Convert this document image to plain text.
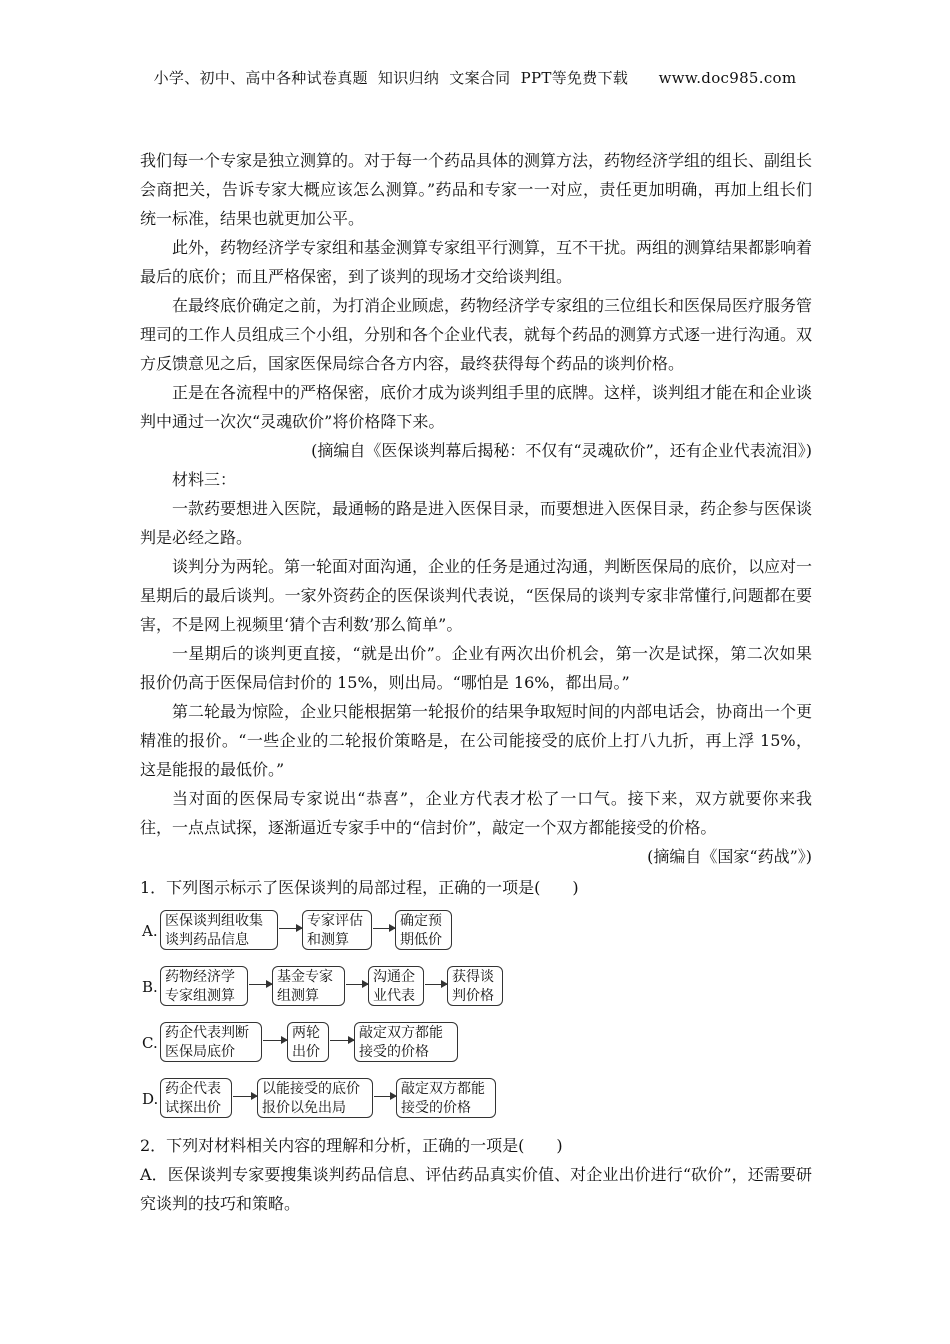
小学、初中、高中各种试卷真题  知识归纳  文案合同  PPT等免费下载      www.doc985.com

我们每一个专家是独立测算的。对于每一个药品具体的测算方法，药物经济学组的组长、副组长会商把关，告诉专家大概应该怎么测算。”药品和专家一一对应，责任更加明确，再加上组长们统一标准，结果也就更加公平。

此外，药物经济学专家组和基金测算专家组平行测算，互不干扰。两组的测算结果都影响着最后的底价；而且严格保密，到了谈判的现场才交给谈判组。

在最终底价确定之前，为打消企业顾虑，药物经济学专家组的三位组长和医保局医疗服务管理司的工作人员组成三个小组，分别和各个企业代表，就每个药品的测算方式逐一进行沟通。双方反馈意见之后，国家医保局综合各方内容，最终获得每个药品的谈判价格。

正是在各流程中的严格保密，底价才成为谈判组手里的底牌。这样，谈判组才能在和企业谈判中通过一次次“灵魂砍价”将价格降下来。

(摘编自《医保谈判幕后揭秘：不仅有“灵魂砍价”，还有企业代表流泪》)

材料三：

一款药要想进入医院，最通畅的路是进入医保目录，而要想进入医保目录，药企参与医保谈判是必经之路。

谈判分为两轮。第一轮面对面沟通，企业的任务是通过沟通，判断医保局的底价，以应对一星期后的最后谈判。一家外资药企的医保谈判代表说，“医保局的谈判专家非常懂行,问题都在要害，不是网上视频里‘猜个吉利数’那么简单”。

一星期后的谈判更直接，“就是出价”。企业有两次出价机会，第一次是试探，第二次如果报价仍高于医保局信封价的 15%，则出局。“哪怕是 16%，都出局。”

第二轮最为惊险，企业只能根据第一轮报价的结果争取短时间的内部电话会，协商出一个更精准的报价。“一些企业的二轮报价策略是，在公司能接受的底价上打八九折，再上浮 15%，这是能报的最低价。”

当对面的医保局专家说出“恭喜”，企业方代表才松了一口气。接下来，双方就要你来我往，一点点试探，逐渐逼近专家手中的“信封价”，敲定一个双方都能接受的价格。

(摘编自《国家“药战”》)

1．下列图示标示了医保谈判的局部过程，正确的一项是(　　)

A.
医保谈判组收集谈判药品信息
专家评估和测算
确定预期低价
B.
药物经济学专家组测算
基金专家组测算
沟通企业代表
获得谈判价格
C.
药企代表判断医保局底价
两轮出价
敲定双方都能接受的价格
D.
药企代表试探出价
以能接受的底价报价以免出局
敲定双方都能接受的价格

2．下列对材料相关内容的理解和分析，正确的一项是(　　)

A．医保谈判专家要搜集谈判药品信息、评估药品真实价值、对企业出价进行“砍价”，还需要研究谈判的技巧和策略。
